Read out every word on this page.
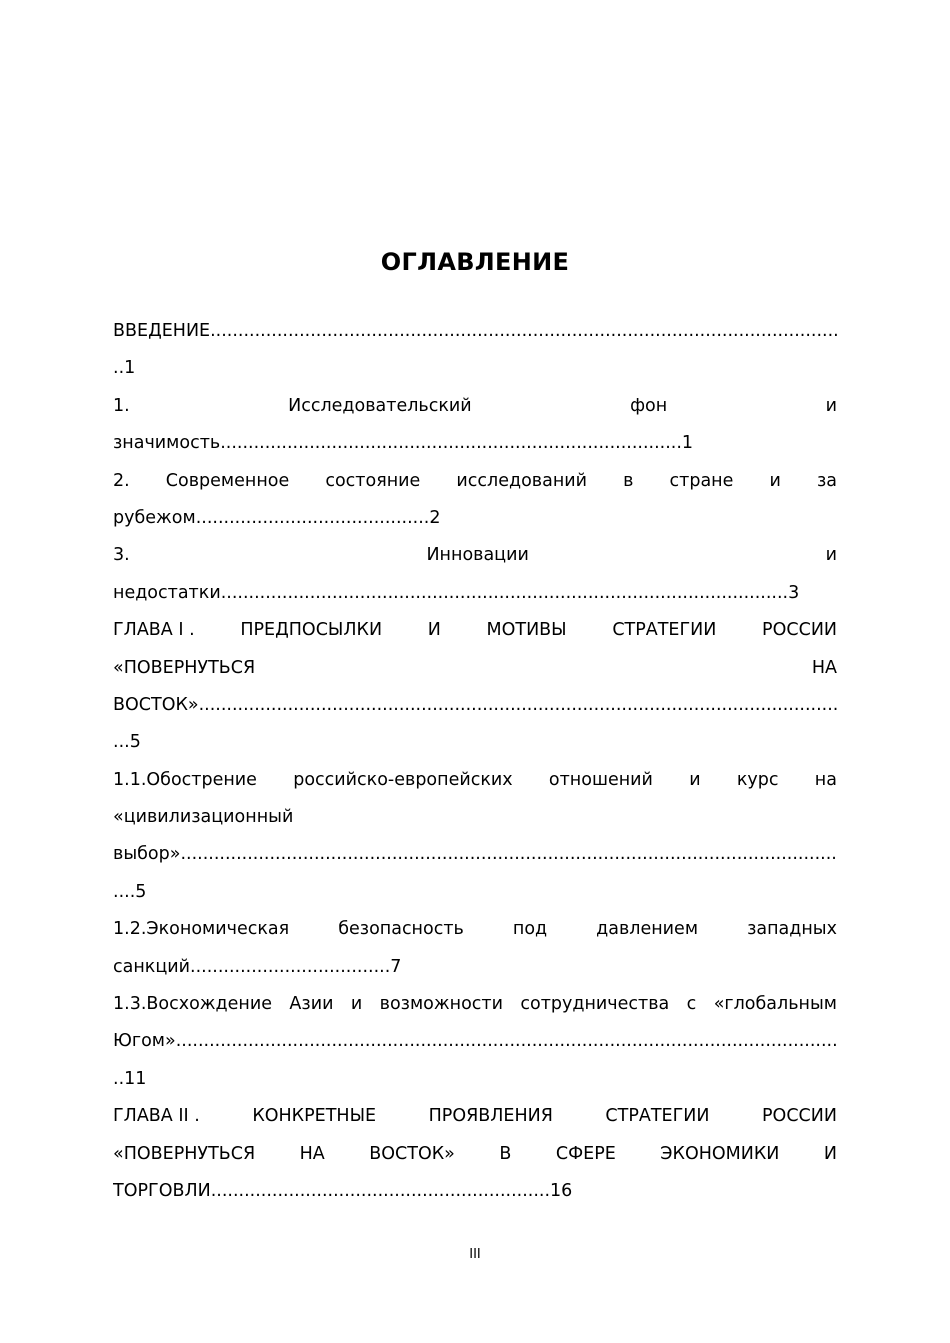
ОГЛАВЛЕНИЕ
ВВЕДЕНИЕ .....
..1
1.	Исследовательский	фон	и
значимость...................................................................................1
2. Современное состояние исследований в стране и за
рубежом..........................................2
3.	Инновации	и
недостатки......................................................................................................3
ГЛАВА I .	ПРЕДПОСЫЛКИ	И	МОТИВЫ	СТРАТЕГИИ	РОССИИ
«ПОВЕРНУТЬСЯ	НА
ВОСТОК» .....
...5
1.1.Обострение российско-европейских отношений и курс на
«цивилизационный
выбор» .....
....5
1.2.Экономическая	безопасность	под	давлением	западных
санкций....................................7
1.3.Восхождение Азии и возможности сотрудничества с «глобальным
Югом» .....
..11
ГЛАВА II .	КОНКРЕТНЫЕ	ПРОЯВЛЕНИЯ	СТРАТЕГИИ	РОССИИ
«ПОВЕРНУТЬСЯ	НА	ВОСТОК»	В	СФЕРЕ	ЭКОНОМИКИ	И
ТОРГОВЛИ.............................................................16
III
